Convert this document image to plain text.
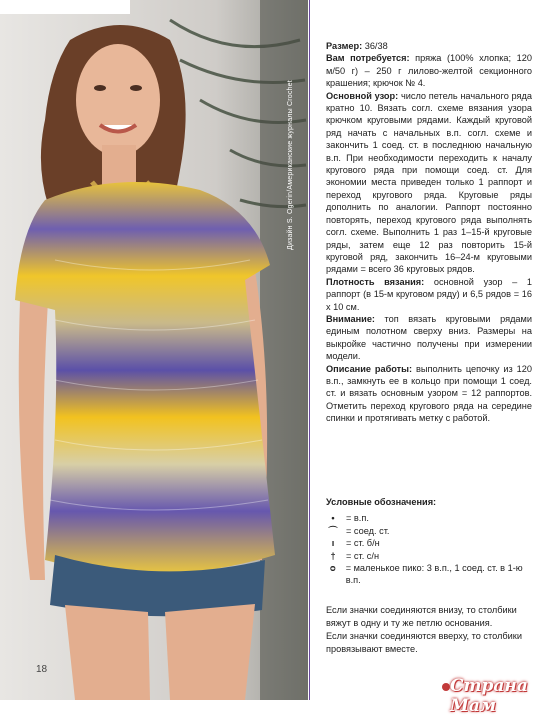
Дизайн S. Ogerin/Американские журналы Crochet
18

Размер: 36/38

Вам потребуется: пряжа (100% хлопка; 120 м/50 г) – 250 г лилово-желтой секционного крашения; крючок № 4.

Основной узор: число петель начального ряда кратно 10. Вязать согл. схеме вязания узора крючком круговыми рядами. Каждый круговой ряд начать с начальных в.п. согл. схеме и закончить 1 соед. ст. в последнюю начальную в.п. При необходимости переходить к началу кругового ряда при помощи соед. ст. Для экономии места приведен только 1 раппорт и переход кругового ряда. Круговые ряды дополнить по аналогии. Раппорт постоянно повторять, переход кругового ряда выполнять согл. схеме. Выполнить 1 раз 1–15-й круговые ряды, затем еще 12 раз повторить 15-й круговой ряд, закончить 16–24-м круговыми рядами = всего 36 круговых рядов.

Плотность вязания: основной узор – 1 раппорт (в 15-м круговом ряду) и 6,5 рядов = 16 х 10 см.

Внимание: топ вязать круговыми рядами единым полотном сверху вниз. Размеры на выкройке частично получены при измерении модели.

Описание работы: выполнить цепочку из 120 в.п., замкнуть ее в кольцо при помощи 1 соед. ст. и вязать основным узором = 12 раппортов. Отметить переход кругового ряда на середине спинки и протягивать метку с работой.

Условные обозначения:

•	= в.п.
⌒ = соед. ст.
ı	= ст. б/н
†	= ст. с/н
ᴑ	= маленькое пико: 3 в.п., 1 соед. ст. в 1-ю в.п.

Если значки соединяются внизу, то столбики вяжут в одну и ту же петлю основания.

Если значки соединяются вверху, то столбики провязывают вместе.

Страна Мам
